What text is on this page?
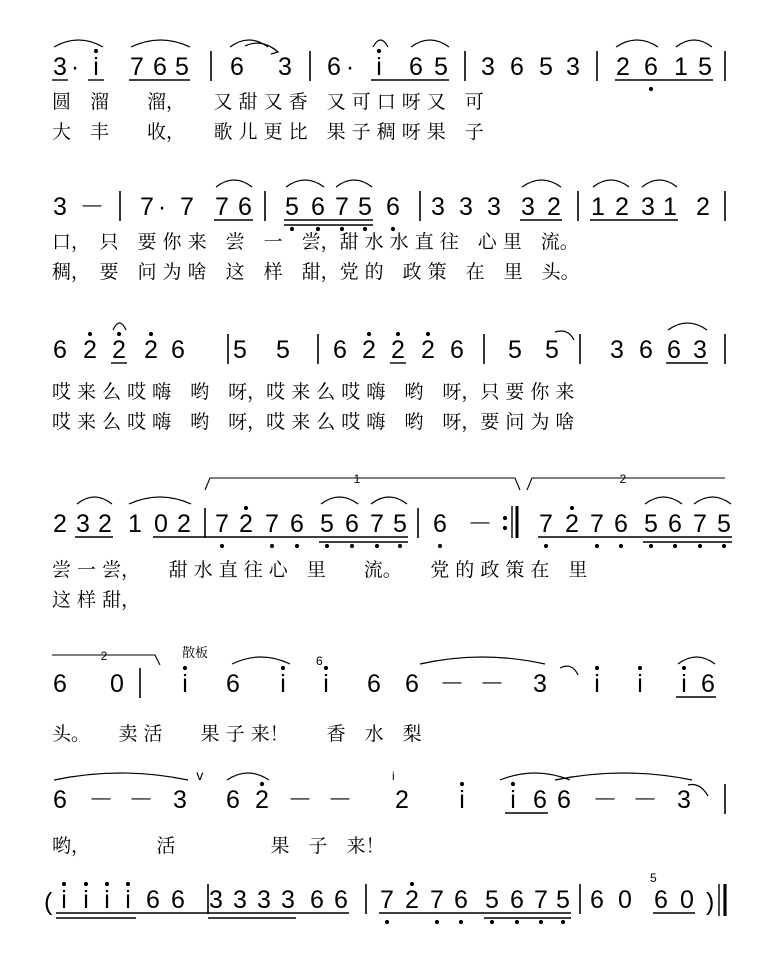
3 · i 7 6 5 6 3 6 · i 6 5 3 6 5 3 2 6 1 5
圆　溜　　溜，　　又 甜 又 香　又 可 口 呀 又　可
大　丰　　收，　　歌 儿 更 比　果 子 稠 呀 果　子
3 － 7 · 7 7 6 5 6 7 5 6 3 3 3 3 2 1 2 3 1 2
口，　只　要 你 来　尝　一　尝，甜 水 水 直 往　心 里　流。
稠，　要　问 为 啥　这　样　甜，党 的　政 策　在　里　头。
6 2 2 2 6 5 5 6 2 2 2 6 5 5 3 6 6 3
哎 来 么 哎 嗨　哟　呀，哎 来 么 哎 嗨　哟　呀，只 要 你 来
哎 来 么 哎 嗨　哟　呀，哎 来 么 哎 嗨　哟　呀，要 问 为 啥
2 3 2 1 0 2 7 2 7 6 5 6 7 5 6 － 7 2 7 6 5 6 7 5
尝 一 尝，　　甜 水 直 往 心　里　　流。　　党 的 政 策 在　里
这 样 甜，
6 0 i 6 i i 6 6 － － 3 i i i 6
头。　　卖 活　　果 子 来！　　香　水　梨
6 － － 3 6 2 － － 2 i i 6 6 － － 3
哟，　　　　活　　　　　果　子　来！
i i i i 6 6 3 3 3 3 6 6 7 2 7 6 5 6 7 5 6 0 6 0
1	2
2	散板	6
v	i
(	)
5
